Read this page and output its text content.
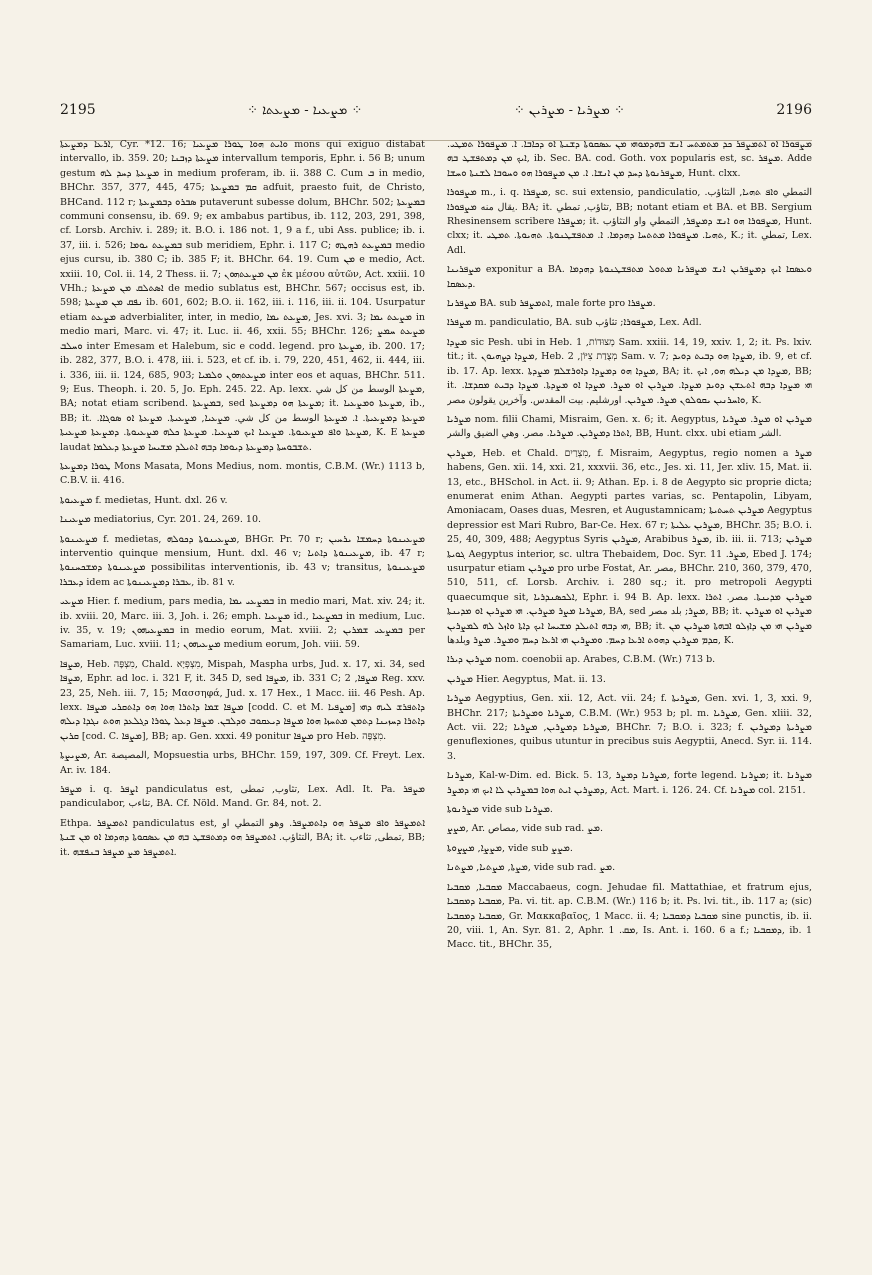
2195	⁘ ܡܨܥܝܐ - ܡܨܥܬܐ ⁘	⁘ ܡܨܪܝܐ - ܡܨܪܝܢ ⁘	2196

ܐܪܥܐ ܕܡܨܥܬܐ, Cyr. *12. 16; ܘܐܝܬ ܗܘܐ ܛܘܪܐ ܡܨܥܝܐ mons qui exiguo distabat intervallo, ib. 359. 20; ܡܨܥܬܐ ܕܙܒܢܐ intervallum temporis, Ephr. i. 56 B; unum gestum ܡܨܥܬܐ ܕܚܕ ܠܗ in medium proferam, ib. ii. 388 C. Cum ܒ in medio, BHChr. 357, 377, 445, 475; ܩܡ ܒܡܨܥܬܐ adfuit, praesto fuit, de Christo, BHCand. 112 r; ܣܒܪܘ ܕܒܡܨܥܬܐ putaverunt subesse dolum, BHChr. 502; ܒܡܨܥܬܐ communi consensu, ib. 69. 9; ex ambabus partibus, ib. 112, 203, 291, 398, cf. Lorsb. Archiv. i. 289; it. B.O. i. 186 not. 1, 9 a f., ubi Ass. publice; ib. i. 37, iii. i. 526; ܒܡܨܥܬ ܝܘܡܐ sub meridiem, Ephr. i. 117 C; ܒܡܨܥܬ ܪܗܛܗ medio ejus cursu, ib. 380 C; ib. 385 F; it. BHChr. 64. 19. Cum ܡܢ e medio, Act. xxiii. 10, Col. ii. 14, 2 Thess. ii. 7; ܡܢ ܡܨܥܬܗܘܢ ἐκ μέσου αὐτῶν, Act. xxiii. 10 VHh.; ܐܣܬܠܩ ܡܢ ܡܨܥܬܐ de medio sublatus est, BHChr. 567; occisus est, ib. 598; ܢܦܩ ܡܢ ܡܨܥܬܐ ib. 601, 602; B.O. ii. 162, iii. i. 116, iii. ii. 104. Usurpatur etiam ܡܨܥܬ adverbialiter, inter, in medio, ܡܨܥܬ ܝܡܐ, Jes. xvi. 3; ܡܨܥܬ ܝܡܐ in medio mari, Marc. vi. 47; it. Luc. ii. 46, xxii. 55; BHChr. 126; ܡܨܥܬ ܚܡܨ ܘܚܠܒ inter Emesam et Halebum, sic e codd. legend. pro ܡܨܥܬܐ, ib. 200. 17; ib. 282, 377, B.O. i. 478, iii. i. 523, et cf. ib. i. 79, 220, 451, 462, ii. 444, iii. i. 336, iii. ii. 124, 685, 903; ܡܨܥܬܗܘܢ ܘܠܡܝܐ inter eos et aquas, BHChr. 511. 9; Eus. Theoph. i. 20. 5, Jo. Eph. 245. 22. Ap. lexx. ܡܨܥܬܐ الوسط من كل شي, BA; notat etiam scribend. ܒܡܨܥܬܐ, sed ܡܨܥܬܐ ܗܘ ܕܡܨܥܬܐ; it. ܡܨܥܬܐ ܘܡܨܥܝܐ, ib., BB; it. ܡܨܥܬܐ ܕܡܨܥܝܬܐ. ܐ. ܡܨܥܬܐ الوسط من كل شي. ܡܨܥܝܐ, ܡܨܥܝܬܐ. ܡܨܥܬܐ ܐܘ ܣܘܓܐܐ. ܡܨܥܬܐ ܘܐܦ ܡܨܥܝܘܬܐ. ܡܨܥܝܐ ܐܝܟ ܡܨܥܝܐ. ܡܨܥܬܐ ܟܠܗ ܡܨܥܝܘܬܐ. ܕܡܨܥܬܐ ܡܨܥܝܬܐ, K. E ܡܨܥܬܐ laudat ܬܫܒܘܚܬܐ ܕܡܨܥܬܐ ܕܝܘܡܐ ܕܒܗ ܐܬܝܠܕ ܡܫܝܚܐ ܡܨܥܬܐ ܕܥܠܡܐ.

ܛܘܪܐ ܕܡܨܥܬܐ Mons Masata, Mons Medius, nom. montis, C.B.M. (Wr.) 1113 b, C.B.V. ii. 416.

ܡܨܥܝܘܬܐ f. medietas, Hunt. dxl. 26 v.

ܡܨܥܝܢܐ mediatorius, Cyr. 201. 24, 269. 10.

ܡܨܥܝܢܘܬܐ f. medietas, ܡܨܥܝܢܘܬܐ ܕܟܘܠܗ, BHGr. Pr. 70 r; ܡܨܥܝܢܘܬܐ ܕܚܡܫܐ ܝܪܚܝܢ interventio quinque mensium, Hunt. dxl. 46 v; ܡܨܥܝܢܘܬܐ ܕܐܬܝܐ, ib. 47 r; ܡܨܥܝܢܘܬܐ ܕܡܫܟܚܢܘܬܐ possibilitas interventionis, ib. 43 v; transitus, ܡܨܥܝܢܘܬܐ ܕܥܒܪܐ idem ac ܥܒܪܐ ܕܡܨܥܝܢܘܬܐ, ib. 81 v.

ܡܨܥܝ Hier. f. medium, pars media, ܒܡܨܥܝ ܝܡܐ in medio mari, Mat. xiv. 24; it. ib. xviii. 20, Marc. iii. 3, Joh. i. 26; emph. ܡܨܥܝܐ id., ܒܡܨܥܝܐ in medium, Luc. iv. 35, v. 19; ܒܡܨܥܝܗܘܢ in medio eorum, Mat. xviii. 2; ܒܡܨܥܝ ܫܡܪܝܢ per Samariam, Luc. xviii. 11; ܡܨܥܝܗܘܢ medium eorum, Joh. viii. 59.

ܡܨܦܐ, Heb. מִצְפָּה, Chald. מִצְפְּיָא, Mispah, Maspha urbs, Jud. x. 17, xi. 34, sed ܡܨܦܐ, Ephr. ad loc. i. 321 F, it. 345 D, sed ܡܨܦܐ, ib. 331 C; ܡܨܦܐ, 2 Reg. xxv. 23, 25, Neh. iii. 7, 15; Μασσηφά, Jud. x. 17 Hex., 1 Macc. iii. 46 Pesh. Ap. lexx. ܡܨܦܐ ܫܡܐ ܕܐܬܪܐ ܗܘܐ ܗܘ ܕܐܬܩܪܝ ܡܨܦܐ [codd. C. et M. ܡܨܦܝܐ] ܕܐܬܦܪܫ ܠܝܗ ܕܗܝ ܕܐܬܪܐ ܕܚܙܝܢܐ ܕܬܡܢ ܡܬܚܙܐ ܗܘܐ ܡܨܦܐ ܕܝܥܩܘܒ ܘܕܠܒܢ. ܡܨܦܐ ܕܥܠ ܛܘܪܐ ܕܓܠܥܕ ܗܘܬ ܢܓܕܐ ܕܝܠܗ ܩܪܝܢ [cod. C. ܡܨܦܐ], BB; ap. Gen. xxxi. 49 ponitur ܡܨܦܐ pro Heb. מִצְפָּה.

ܡܨܝܨܬܐ, Ar. المصيصة, Mopsuestia urbs, BHChr. 159, 197, 309. Cf. Freyt. Lex. Ar. iv. 184.

ܡܨܦܪ i. q. ܐܨܦܪ pandiculatus est, تثاوب, تمطى, Lex. Adl. It. Pa. ܡܨܦܪ pandiculabor, تثاءب, BA. Cf. Nöld. Mand. Gr. 84, not. 2.

Ethpa. ܐܬܡܨܦܪ pandiculatus est, ܐܬܡܨܦܪ ܘܐܦ ܡܨܦܪ ܗܘ ܕܐܬܡܨܦܪ. وهو التمطي او التثاؤب. ܐܬܡܨܦܪ ܗܘ ܕܡܬܦܫܛ ܒܗ ܡܢ ܥܣܩܘܬܐ ܕܗܕܡܐ ܐܘ ܡܢ ܫܢܬܐ, BA; it. تمطى, تثاءب, BB; it. ܐܬܡܨܦܪ ܡܨ ܡܨܦܪ ܒܢܦܫܗ.

ܡܨܦܘܪܐ ܐܘ ܐܬܡܨܦܪ ܟܕ ܡܬܡܬܚ ܐܢܫ ܒܗܕܡܘܗܝ ܡܢ ܥܣܩܘܬܐ ܕܫܢܬܐ ܐܘ ܕܟܐܒܐ. ܐ. ܡܨܦܘܪܐ ܬܡܛܝ. ܐܝܟ ܡܢ ܕܡܬܦܫܛ ܒܗ, ib. Sec. BA. cod. Goth. vox popularis est, sc. ܡܨܦܪ. Adde ܡܨܦܪܢܘܬܐ ܕܚܕ ܡܢ ܐܢܫܐ. ܐ. ܡܢ ܡܨܦܘܪܐ ܗܘ ܘܚܘܒܐ ܠܫܢܬܐ ܘܚܫܐ, Hunt. clxx.

ܡܨܦܘܪܐ m., i. q. ܡܨܦܪܐ, sc. sui extensio, pandiculatio, التمطي ܘܐܦ ܬܗܝܐ, التثاؤب. يقال منه ܡܨܦܘܪܐ. BA; it. تثاؤب, تمطي, BB; notant etiam et BA. et BB. Sergium Rhesinensem scribere ܡܨܦܪܐ; it. ܡܨܦܘܪܐ ܗܘ ܐܢܫ ܕܡܨܦܪ, التمطي واو التثاؤب, Hunt. clxx; it. ܬܗܝܐ. ܡܨܦܘܪܐ ܡܬܬܚܐ ܕܗܕܡܐ. ܐ. ܡܬܦܫܛܢܘܬܐ. ܬܗܝܘܬܐ. ܬܡܛܝ, K.; it. تمطي, Lex. Adl.

ܡܨܦܪܝܢܐ exponitur a BA. ܘܥܣܩܐ ܐܝܟ ܕܡܨܦܪܝܢ ܐܢܫ ܡܨܦܪܢܐ ܡܬܘܠ ܡܬܦܫܛܢܘܬܐ ܕܗܕܡܐ ܕܥܣܩܐ.

ܡܨܦܪܢܐ BA. sub ܐܬܡܨܦܪ, male forte pro ܡܨܦܪܐ.

ܡܨܦܪܐ m. pandiculatio, BA. sub ܡܨܦܘܪܐ; تثاؤب, Lex. Adl.

ܡܨܕܐ sic Pesh. ubi in Heb. מְצוּדוֹת, 1 Sam. xxiii. 14, 19, xxiv. 1, 2; it. Ps. lxiv. tit.; it. ܡܨܕܐ ܕܨܗܝܘܢ, Heb. מְצֻדַת צִיּוֹן, 2 Sam. v. 7; ܡܨܕܐ ܗܘ ܕܒܝܬ ܕܘܝܕ, ib. 9, et cf. ib. 17. Ap. lexx. ܡܨܕܐ ܗܘ ܕܡܨܕܐ ܕܐܘܪܫܠܡ ܡܨܕܬܐ, BA; it. ܡܨܕܐ ܡܢ ܕܝܠܗ ܗܘ, ܐܝܟ, BB; it. ܗܝ ܡܨܕܐ ܕܒܗ ܐܬܥܫܢ ܕܘܝܕ ܡܨܕܐ. ܡܨܪܝܢ ܐܘ ܡܨܪ. ܡܨܕܐ ܐܘ ܡܨܕܬܐ. ܡܨܕܐ ܕܒܝܬ ܡܩܕܫܐ. ܘܐܚܪܢܝܢ ܝܩܘܠܘܢ ܡܨܪ. ܡܨܪܝܢ. اورشليم. بيت المقدس. وآخرين يقولون مصر, K.

ܡܨܪܝܐ nom. filii Chami, Misraim, Gen. x. 6; it. Aegyptus, ܡܨܪܝܢ ܐܘ ܡܨܪ. ܡܨܪܝܐ ܐܬܪܐ ܕܡܨܪܝܢ. ܡܨܪܝܐ. مصر. وهي الضيق والشر, BB, Hunt. clxx. ubi etiam الشر.

ܡܨܪܝܢ, Heb. et Chald. מִצְרַיִם, f. Misraim, Aegyptus, regio nomen a ܡܨܪ habens, Gen. xii. 14, xxi. 21, xxxvii. 36, etc., Jes. xi. 11, Jer. xliv. 15, Mat. ii. 13, etc., BHSchol. in Act. ii. 9; Athan. Ep. i. 8 de Aegypto sic proprie dicta; enumerat enim Athan. Aegypti partes varias, sc. Pentapolin, Libyam, Amoniacam, Oases duas, Mesren, et Augustamnicam; ܡܨܪܝܢ ܬܚܬܝܬܐ Aegyptus depressior est Mari Rubro, Bar-Ce. Hex. 67 r; ܡܨܪܝܢ ܥܠܝܬܐ, BHChr. 35; B.O. i. 25, 40, 309, 488; Aegyptus Syris ܡܨܪܝܢ, Arabibus ܡܨܪ, ib. iii. ii. 713; ܡܨܪܝܢ ܓܘܝܬܐ Aegyptus interior, sc. ultra Thebaidem, Doc. Syr. ܡܨܪ. 11, Ebed J. 174; usurpatur etiam ܡܨܪܝܢ pro urbe Fostat, Ar. مصر, BHChr. 210, 360, 379, 470, 510, 511, cf. Lorsb. Archiv. i. 280 sq.; it. pro metropoli Aegypti quaecumque sit, ܐܠܟܣܢܕܪܝܐ, Ephr. i. 94 B. Ap. lexx. ܡܨܪܝܢ ܡܕܝܢܬܐ. مصر. ܐܬܪܐ ܡܨܪܝܐ ܡܨܪ ܡܨܪܝܢ. ܗܝ ܡܨܪܝܢ ܐܘ ܡܕܝܢܬܐ, BA, sed ܡܨܪ; بلد مصر, BB; it. ܡܨܪܝܢ ܐܘ ܡܨܪܝܢ ܗܝ ܕܒܗ ܐܬܝܠܕ ܡܫܝܚܐ ܐܝܟ ܕܐܬܐ ܘܐܙܠ ܠܗ ܠܡܨܪܝܢ, BB; it. ܡܨܪܝܢ ܗܝ ܡܢ ܕܐܙܠܘ ܐܒܗܬܐ ܡܨܪܝܢ ܡܢ ܩܕܡ ܡܨܪܝܢ ܕܗܘܬ ܐܪܥܐ ܕܚܡ. ܘܡܨܪܝܢ ܗܝ ܐܪܥܐ ܕܚܡ ܘܡܨܪ. ܡܨܪ وبلدها, K.

ܡܨܪܝܢ ܕܝܪܐ nom. coenobii ap. Arabes, C.B.M. (Wr.) 713 b.

ܡܨܪܝܢ Hier. Aegyptus, Mat. ii. 13.

ܡܨܪܝܐ Aegyptius, Gen. xii. 12, Act. vii. 24; f. ܡܨܪܝܬܐ, Gen. xvi. 1, 3, xxi. 9, BHChr. 217; ܡܨܪܝܐ ܘܡܨܪܝܬܐ, C.B.M. (Wr.) 953 b; pl. m. ܡܨܪܝܐ, Gen. xliii. 32, Act. vii. 22; ܡܨܪܝܐ ܕܡܨܪܝܢ, ܡܨܪܝܐ, BHChr. 7; B.O. i. 323; f. ܡܨܪܝܬܐ ܕܡܨܪܝܢ genuflexiones, quibus utuntur in precibus suis Aegyptii, Anecd. Syr. ii. 114. 3.

ܡܨܪܢܐ, Kal-w-Dim. ed. Bick. 5. 13, ܡܨܪܢܐ ܕܡܨܪ, forte legend. ܡܨܪܢܐ; it. ܡܨܪܢܐ ܕܡܨܪܝܢ ܐܝܬ ܗܘܐ ܒܡܨܪܝܢ ܠܐ ܐܝܟ ܗܝ ܕܡܨܪ, Act. Mart. i. 126. 24. Cf. ܡܨܪܢܐ col. 2151.

ܡܨܪܢܘܬܐ vide sub ܡܨܪܢܐ.

ܡܨܨ, Ar. مصاص, vide sub rad. ܡܨ.

ܡܨܨܐ, ܡܨܨܘܬܐ, vide sub ܡܨܨ.

ܡܨܬܐ, ܡܨܬܝܐ, ܡܨܬܢܐ, vide sub rad. ܡܨ.

ܡܩܒܝܐ, ܡܩܒܝܐ Maccabaeus, cogn. Jehudae fil. Mattathiae, et fratrum ejus, ܡܩܒܝܐ ܕܡܩܒܝܐ, Pa. vi. tit. ap. C.B.M. (Wr.) 116 b; it. Ps. lvi. tit., ib. 117 a; (sic) ܡܩܒܝܐ ܕܡܩܒܝܐ, Gr. Μακκαβαῖος, 1 Macc. ii. 4; ܡܩܒܝܐ ܕܡܩܒܝܐ sine punctis, ib. ii. 20, viii. 1, An. Syr. 81. 2, Aphr. ܡܩ. 1, Is. Ant. i. 160. 6 a f.; ܕܡܩܒܝܐ, ib. 1 Macc. tit., BHChr. 35,
